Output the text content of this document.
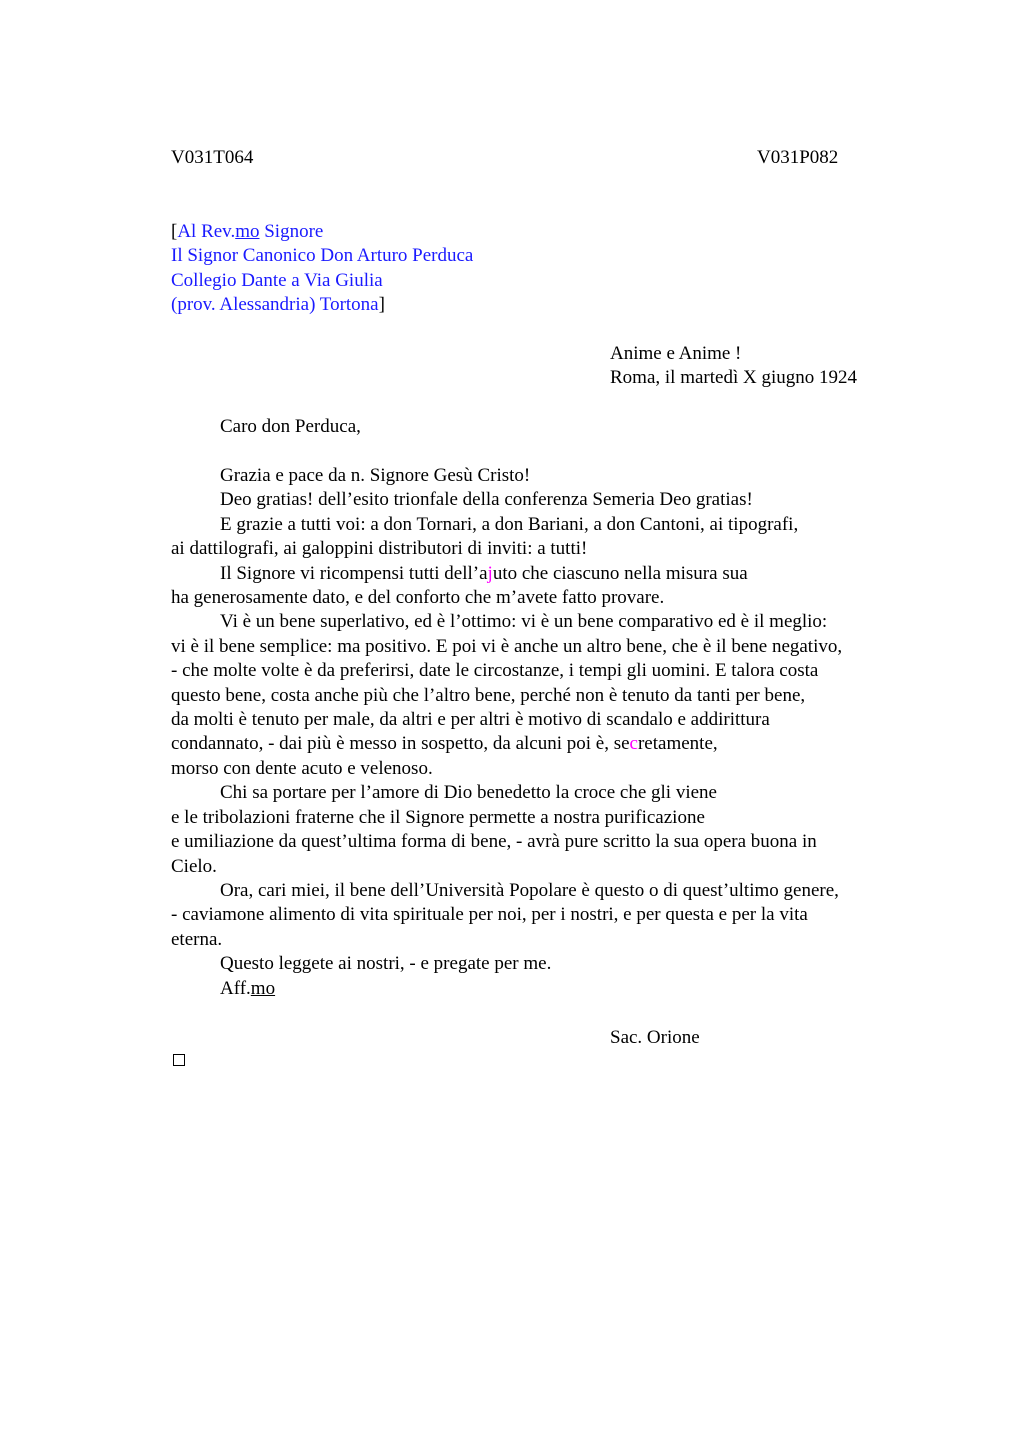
V031T064	V031P082
[Al Rev.mo Signore
Il Signor Canonico Don Arturo Perduca
Collegio Dante a Via Giulia
(prov. Alessandria) Tortona]
Anime e Anime !
Roma, il martedì X giugno 1924
Caro don Perduca,
Grazia e pace da n. Signore Gesù Cristo!
Deo gratias! dell’esito trionfale della conferenza Semeria Deo gratias!
E grazie a tutti voi: a don Tornari, a don Bariani, a don Cantoni, ai tipografi,
ai dattilografi, ai galoppini distributori di inviti: a tutti!
Il Signore vi ricompensi tutti dell’ajuto che ciascuno nella misura sua
ha generosamente dato, e del conforto che m’avete fatto provare.
Vi è un bene superlativo, ed è l’ottimo: vi è un bene comparativo ed è il meglio:
vi è il bene semplice: ma positivo. E poi vi è anche un altro bene, che è il bene negativo,
- che molte volte è da preferirsi, date le circostanze, i tempi gli uomini. E talora costa
questo bene, costa anche più che l’altro bene, perché non è tenuto da tanti per bene,
da molti è tenuto per male, da altri e per altri è motivo di scandalo e addirittura
condannato, - dai più è messo in sospetto, da alcuni poi è, secretamente,
morso con dente acuto e velenoso.
Chi sa portare per l’amore di Dio benedetto la croce che gli viene
e le tribolazioni fraterne che il Signore permette a nostra purificazione
e umiliazione da quest’ultima forma di bene, - avrà pure scritto la sua opera buona in
Cielo.
Ora, cari miei, il bene dell’Università Popolare è questo o di quest’ultimo genere,
- caviamone alimento di vita spirituale per noi, per i nostri, e per questa e per la vita
eterna.
Questo leggete ai nostri, - e pregate per me.
Aff.mo
Sac. Orione
